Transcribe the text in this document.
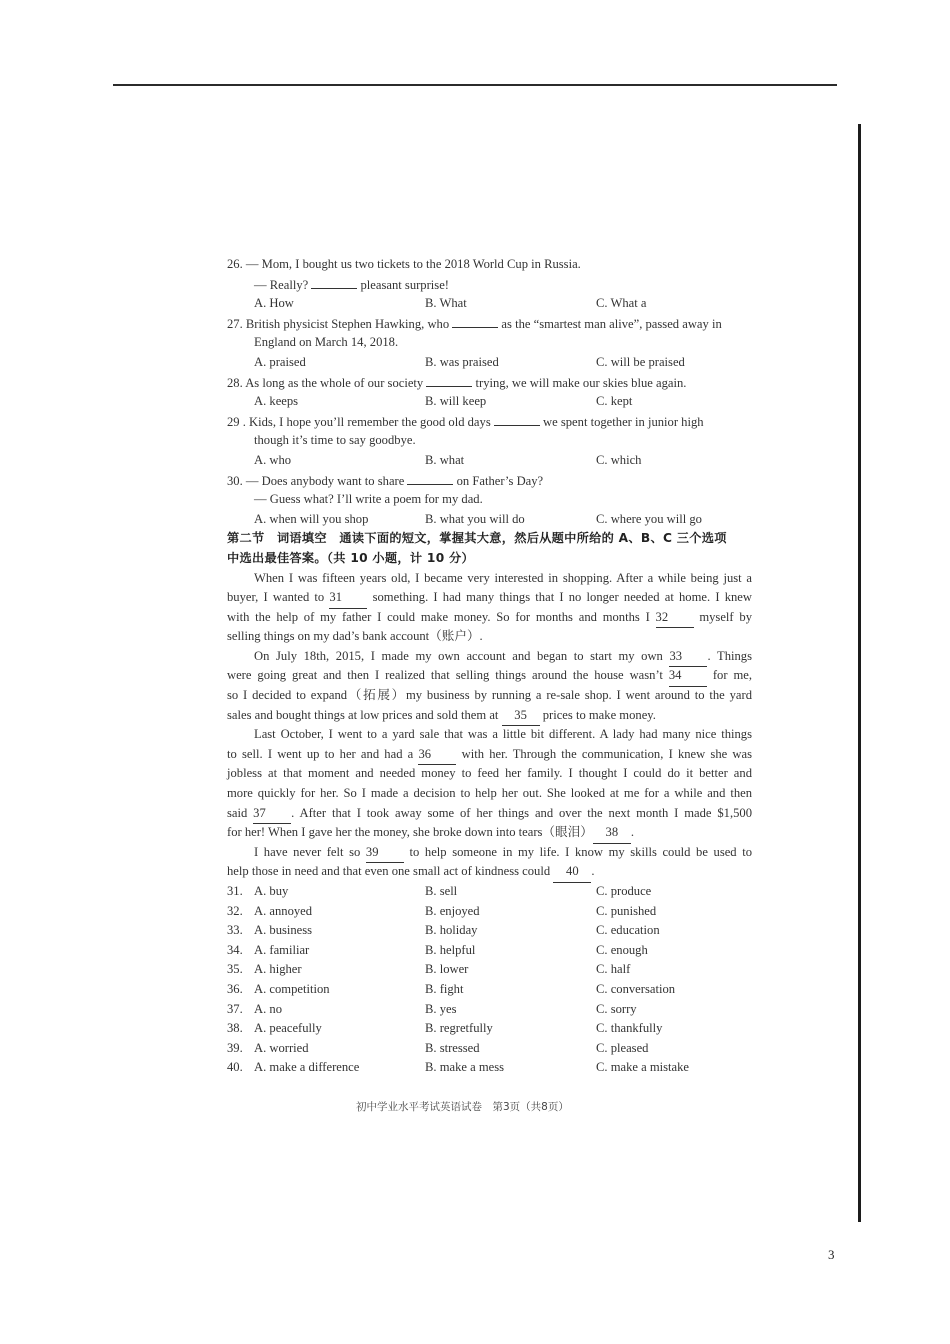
26. — Mom, I bought us two tickets to the 2018 World Cup in Russia.
— Really?	pleasant surprise!
A. How	B. What	C. What a
27. British physicist Stephen Hawking, who	as the “smartest man alive”, passed away in
England on March 14, 2018.
A. praised	B. was praised	C. will be praised
28. As long as the whole of our society	trying, we will make our skies blue again.
A. keeps	B. will keep	C. kept
29 . Kids, I hope you’ll remember the good old days	we spent together in junior high
though it’s time to say goodbye.
A. who	B. what	C. which
30. — Does anybody want to share	on Father’s Day?
— Guess what? I’ll write a poem for my dad.
A. when will you shop	B. what you will do	C. where you will go
第二节　词语填空　通读下面的短文，掌握其大意，然后从题中所给的 A、B、C 三个选项
中选出最佳答案。（共 10 小题，计 10 分）
When I was fifteen years old, I became very interested in shopping. After a while being just a
buyer, I wanted to 31 something. I had many things that I no longer needed at home. I knew
with the help of my father I could make money. So for months and months I 32 myself by
selling things on my dad’s bank account（账户）.
On July 18th, 2015, I made my own account and began to start my own 33 . Things
were going great and then I realized that selling things around the house wasn’t 34 for me,
so I decided to expand（拓展）my business by running a re-sale shop. I went around to the yard
sales and bought things at low prices and sold them at 35 prices to make money.
Last October, I went to a yard sale that was a little bit different. A lady had many nice things
to sell. I went up to her and had a 36 with her. Through the communication, I knew she was
jobless at that moment and needed money to feed her family. I thought I could do it better and
more quickly for her. So I made a decision to help her out. She looked at me for a while and then
said 37 . After that I took away some of her things and over the next month I made $1,500
for her! When I gave her the money, she broke down into tears（眼泪） 38 .
I have never felt so 39 to help someone in my life. I know my skills could be used to
help those in need and that even one small act of kindness could 40 .
31. A. buy	B. sell	C. produce
32. A. annoyed	B. enjoyed	C. punished
33. A. business	B. holiday	C. education
34. A. familiar	B. helpful	C. enough
35. A. higher	B. lower	C. half
36. A. competition	B. fight	C. conversation
37. A. no	B. yes	C. sorry
38. A. peacefully	B. regretfully	C. thankfully
39. A. worried	B. stressed	C. pleased
40. A. make a difference	B. make a mess	C. make a mistake
初中学业水平考试英语试卷　第3页（共8页）
3
